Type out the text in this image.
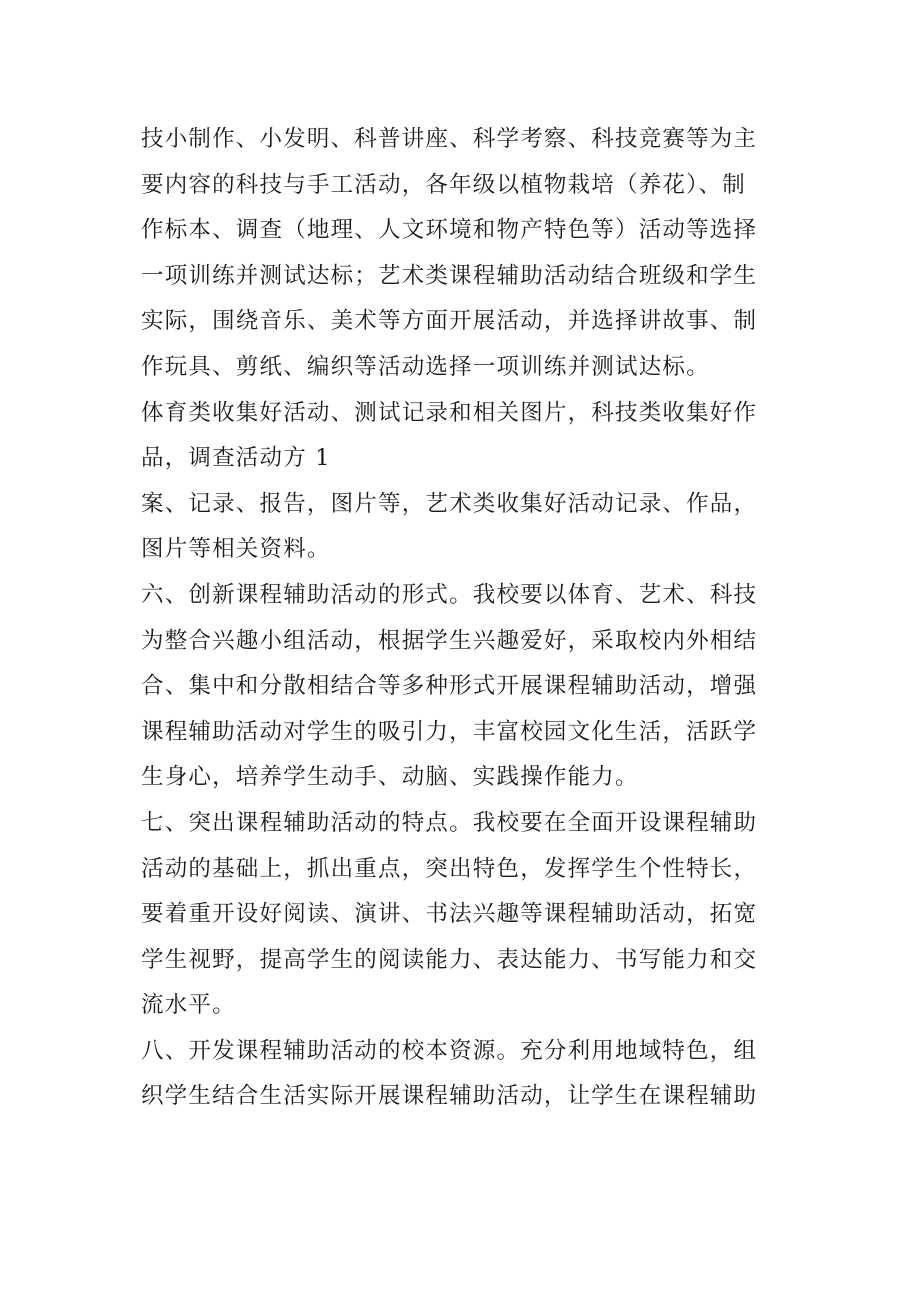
技小制作、小发明、科普讲座、科学考察、科技竞赛等为主
要内容的科技与手工活动，各年级以植物栽培（养花）、制
作标本、调查（地理、人文环境和物产特色等）活动等选择
一项训练并测试达标；艺术类课程辅助活动结合班级和学生
实际，围绕音乐、美术等方面开展活动，并选择讲故事、制
作玩具、剪纸、编织等活动选择一项训练并测试达标。
体育类收集好活动、测试记录和相关图片，科技类收集好作
品，调查活动方 1
案、记录、报告，图片等，艺术类收集好活动记录、作品，
图片等相关资料。
六、创新课程辅助活动的形式。我校要以体育、艺术、科技
为整合兴趣小组活动，根据学生兴趣爱好，采取校内外相结
合、集中和分散相结合等多种形式开展课程辅助活动，增强
课程辅助活动对学生的吸引力，丰富校园文化生活，活跃学
生身心，培养学生动手、动脑、实践操作能力。
七、突出课程辅助活动的特点。我校要在全面开设课程辅助
活动的基础上，抓出重点，突出特色，发挥学生个性特长，
要着重开设好阅读、演讲、书法兴趣等课程辅助活动，拓宽
学生视野，提高学生的阅读能力、表达能力、书写能力和交
流水平。
八、开发课程辅助活动的校本资源。充分利用地域特色，组
织学生结合生活实际开展课程辅助活动，让学生在课程辅助
